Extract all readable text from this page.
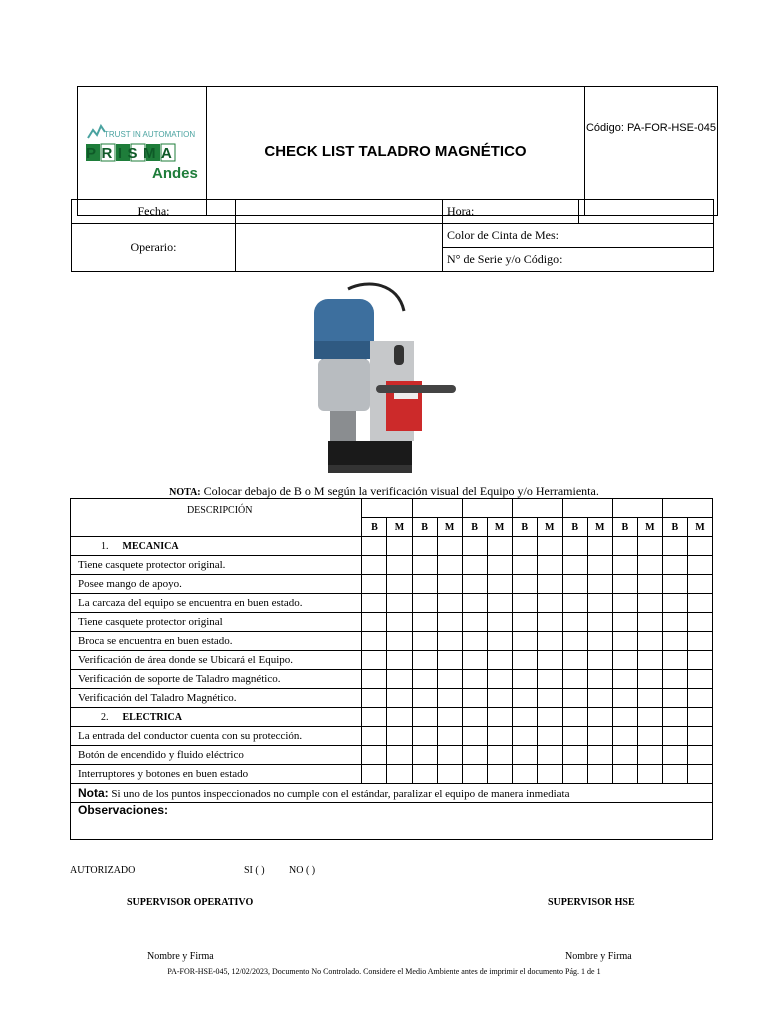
TRUST IN AUTOMATION
PRISMA
Andes
	CHECK LIST TALADRO MAGNÉTICO	Código: PA-FOR-HSE-045
Fecha:		Hora:	
Operario:		Color de Cinta de Mes:	
		N° de Serie y/o Código:	
NOTA: Colocar debajo de B o M según la verificación visual del Equipo y/o Herramienta.
DESCRIPCIÓN														
	B	M	B	M	B	M	B	M	B	M	B	M	B	M
1. MECANICA														
Tiene casquete protector original.														
Posee mango de apoyo.														
La carcaza del equipo se encuentra en buen estado.														
Tiene casquete protector original														
Broca se encuentra en buen estado.														
Verificación de área donde se Ubicará el Equipo.														
Verificación de soporte de Taladro magnético.														
Verificación del Taladro Magnético.														
2. ELECTRICA														
La entrada del conductor cuenta con su protección.														
Botón de encendido y fluido eléctrico														
Interruptores y botones en buen estado														
Nota: Si uno de los puntos inspeccionados no cumple con el estándar, paralizar el equipo de manera inmediata														
Observaciones:														
AUTORIZADO	SI ( ) NO ( )
SUPERVISOR OPERATIVO	SUPERVISOR HSE
Nombre y Firma	Nombre y Firma
PA-FOR-HSE-045, 12/02/2023, Documento No Controlado. Considere el Medio Ambiente antes de imprimir el documento Pág. 1 de 1
